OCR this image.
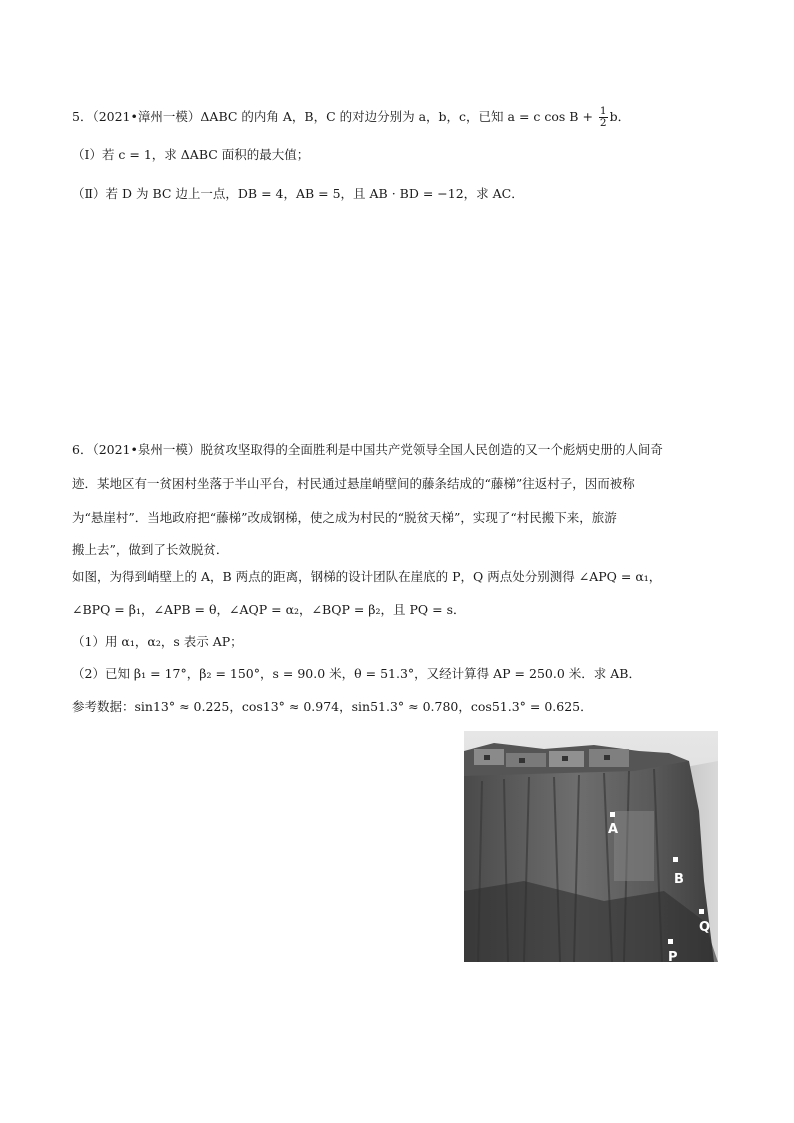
5．（2021•漳州一模）ΔABC 的内角 A，B，C 的对边分别为 a，b，c，已知 a = c $\cos B + \frac{1}{2}$ b．
（Ⅰ）若 c = 1，求 ΔABC 面积的最大值；
（Ⅱ）若 D 为 BC 边上一点，DB = 4，AB = 5，且 AB · BD = −12，求 AC．
6．（2021•泉州一模）脱贫攻坚取得的全面胜利是中国共产党领导全国人民创造的又一个彪炳史册的人间奇
迹．某地区有一贫困村坐落于半山平台，村民通过悬崖峭壁间的藤条结成的“藤梯”往返村子，因而被称
为“悬崖村”．当地政府把“藤梯”改成钢梯，使之成为村民的“脱贫天梯”，实现了“村民搬下来，旅游
搬上去”，做到了长效脱贫．
如图，为得到峭壁上的 A，B 两点的距离，钢梯的设计团队在崖底的 P，Q 两点处分别测得 ∠APQ = α₁，
∠BPQ = β₁，∠APB = θ，∠AQP = α₂，∠BQP = β₂，且 PQ = s．
（1）用 α₁，α₂，s 表示 AP；
（2）已知 β₁ = 17°，β₂ = 150°，s = 90.0 米，θ = 51.3°，又经计算得 AP = 250.0 米．求 AB．
参考数据：sin13° ≈ 0.225，cos13° ≈ 0.974，sin51.3° ≈ 0.780，cos51.3° = 0.625．
A
B
Q
P
